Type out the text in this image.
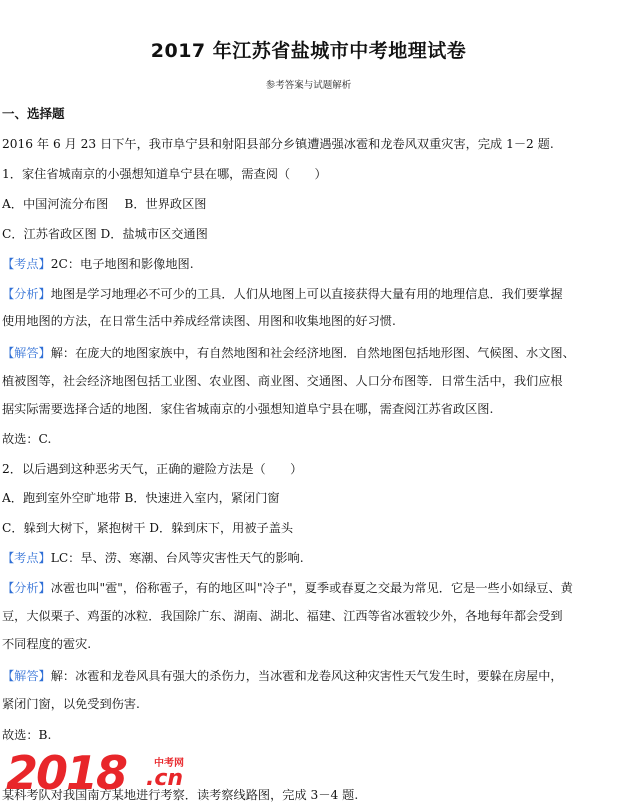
2017 年江苏省盐城市中考地理试卷
参考答案与试题解析
一、选择题
2016 年 6 月 23 日下午，我市阜宁县和射阳县部分乡镇遭遇强冰雹和龙卷风双重灾害，完成 1－2 题.
1．家住省城南京的小强想知道阜宁县在哪，需查阅（　　）
A．中国河流分布图　 B．世界政区图
C．江苏省政区图 D．盐城市区交通图
【考点】2C：电子地图和影像地图.
【分析】地图是学习地理必不可少的工具．人们从地图上可以直接获得大量有用的地理信息．我们要掌握
使用地图的方法，在日常生活中养成经常读图、用图和收集地图的好习惯.
【解答】解：在庞大的地图家族中，有自然地图和社会经济地图．自然地图包括地形图、气候图、水文图、
植被图等，社会经济地图包括工业图、农业图、商业图、交通图、人口分布图等．日常生活中，我们应根
据实际需要选择合适的地图．家住省城南京的小强想知道阜宁县在哪，需查阅江苏省政区图.
故选：C.
2．以后遇到这种恶劣天气，正确的避险方法是（　　）
A．跑到室外空旷地带 B．快速进入室内，紧闭门窗
C．躲到大树下，紧抱树干 D．躲到床下，用被子盖头
【考点】LC：旱、涝、寒潮、台风等灾害性天气的影响.
【分析】冰雹也叫"雹"，俗称雹子，有的地区叫"冷子"，夏季或春夏之交最为常见．它是一些小如绿豆、黄
豆，大似栗子、鸡蛋的冰粒．我国除广东、湖南、湖北、福建、江西等省冰雹较少外，各地每年都会受到
不同程度的雹灾.
【解答】解：冰雹和龙卷风具有强大的杀伤力，当冰雹和龙卷风这种灾害性天气发生时，要躲在房屋中，
紧闭门窗，以免受到伤害.
故选：B.
某科考队对我国南方某地进行考察．读考察线路图，完成 3－4 题.
2018	中考网
.cn
